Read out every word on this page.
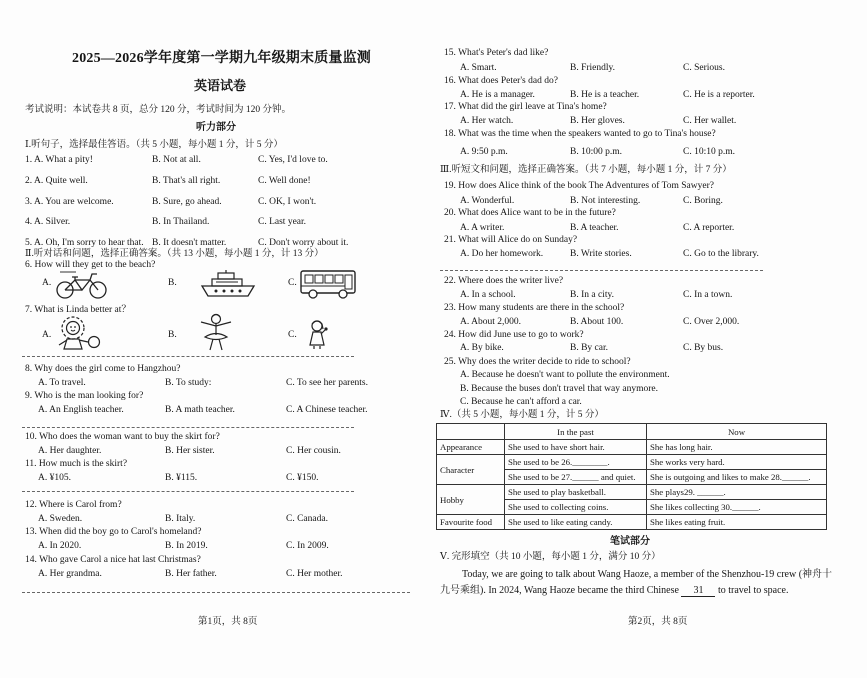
2025—2026学年度第一学期九年级期末质量监测
英语试卷
考试说明：本试卷共 8 页，总分 120 分，考试时间为 120 分钟。
听力部分
Ⅰ.听句子，选择最佳答语。（共 5 小题，每小题 1 分，计 5 分）
1. A. What a pity!	B. Not at all.	C. Yes, I'd love to.
2. A. Quite well.	B. That's all right.	C. Well done!
3. A. You are welcome.	B. Sure, go ahead.	C. OK, I won't.
4. A. Silver.	B. In Thailand.	C. Last year.
5. A. Oh, I'm sorry to hear that. B. It doesn't matter.	C. Don't worry about it.
Ⅱ.听对话和问题，选择正确答案。（共 13 小题，每小题 1 分，计 13 分）
6. How will they get to the beach?
A.	B.	C.
7. What is Linda better at？
A.	B.	C.
8. Why does the girl come to Hangzhou?
A. To travel.	B. To study:	C. To see her parents.
9. Who is the man looking for?
A. An English teacher.	B. A math teacher.	C. A Chinese teacher.
10. Who does the woman want to buy the skirt for?
A. Her daughter.	B. Her sister.	C. Her cousin.
11. How much is the skirt?
A. ¥105.	B. ¥115.	C. ¥150.
12. Where is Carol from?
A. Sweden.	B. Italy.	C. Canada.
13. When did the boy go to Carol's homeland?
A. In 2020.	B. In 2019.	C. In 2009.
14. Who gave Carol a nice hat last Christmas?
A. Her grandma.	B. Her father.	C. Her mother.
第1页，共 8页
15. What's Peter's dad like?
A. Smart.	B. Friendly.	C. Serious.
16. What does Peter's dad do?
A. He is a manager.	B. He is a teacher.	C. He is a reporter.
17. What did the girl leave at Tina's home?
A. Her watch.	B. Her gloves.	C. Her wallet.
18. What was the time when the speakers wanted to go to Tina's house?
A. 9:50 p.m.	B. 10:00 p.m.	C. 10:10 p.m.
Ⅲ.听短文和问题，选择正确答案。（共 7 小题，每小题 1 分，计 7 分）
19. How does Alice think of the book The Adventures of Tom Sawyer?
A. Wonderful.	B. Not interesting.	C. Boring.
20. What does Alice want to be in the future?
A. A writer.	B. A teacher.	C. A reporter.
21. What will Alice do on Sunday?
A. Do her homework.	B. Write stories.	C. Go to the library.
22. Where does the writer live?
A. In a school.	B. In a city.	C. In a town.
23. How many students are there in the school?
A. About 2,000.	B. About 100.	C. Over 2,000.
24. How did June use to go to work?
A. By bike.	B. By car.	C. By bus.
25. Why does the writer decide to ride to school?
A. Because he doesn't want to pollute the environment.
B. Because the buses don't travel that way anymore.
C. Because he can't afford a car.
Ⅳ.（共 5 小题，每小题 1 分，计 5 分）
	In the past	Now
Appearance	She used to have short hair.	She has long hair.
Character	She used to be 26.________.	She works very hard.
	She used to be 27.______ and quiet.	She is outgoing and likes to make 28.______.
Hobby	She used to play basketball.	She plays29. ______.
	She used to collecting coins.	She likes collecting 30.______.
Favourite food	She used to like eating candy.	She likes eating fruit.
笔试部分
Ⅴ. 完形填空（共 10 小题，每小题 1 分，满分 10 分）
Today, we are going to talk about Wang Haoze, a member of the Shenzhou-19 crew (神舟十九号乘组). In 2024, Wang Haoze became the third Chinese 31 to travel to space.
第2页，共 8页
